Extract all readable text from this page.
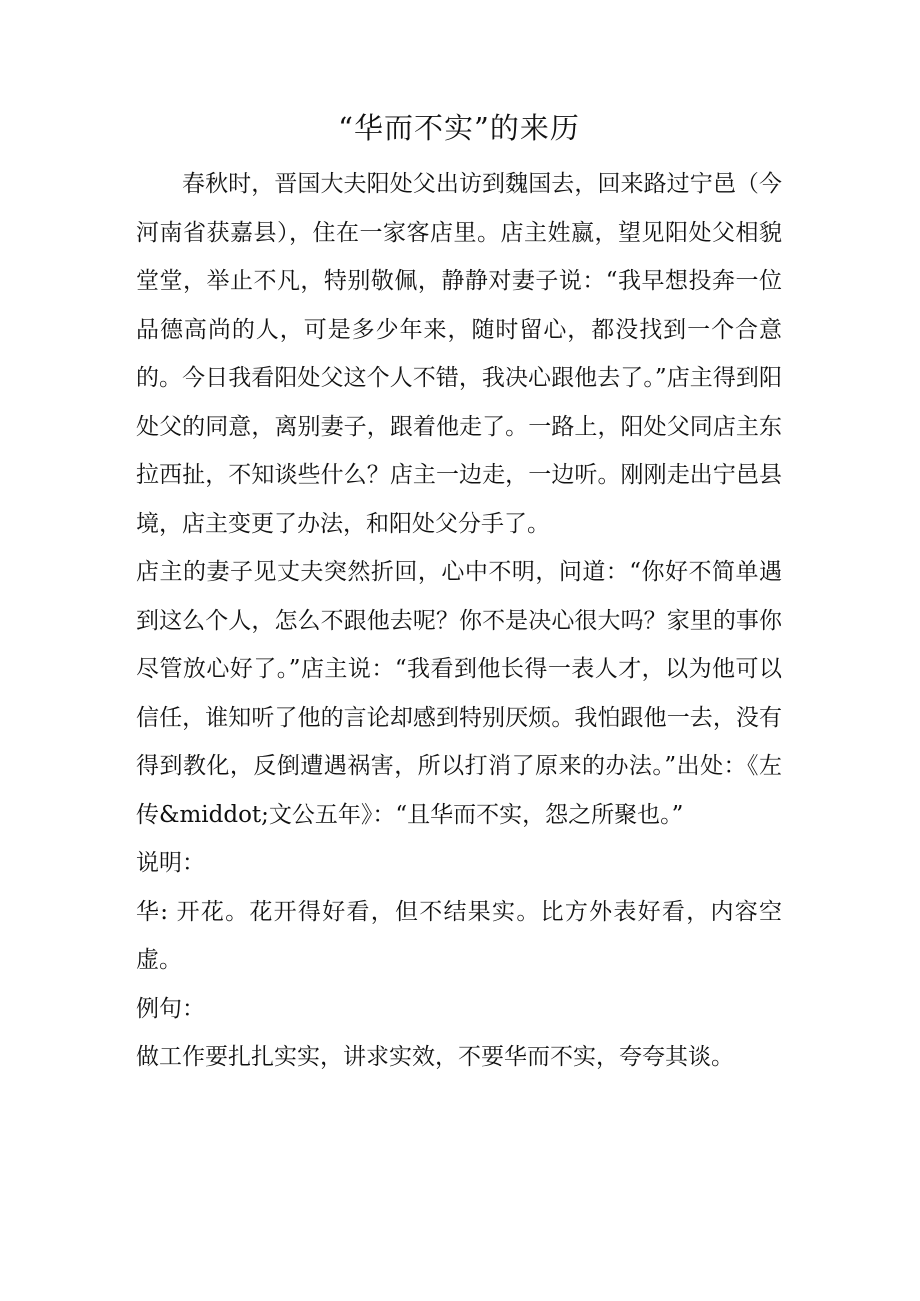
“华而不实”的来历

春秋时，晋国大夫阳处父出访到魏国去，回来路过宁邑（今河南省获嘉县），住在一家客店里。店主姓嬴，望见阳处父相貌堂堂，举止不凡，特别敬佩，静静对妻子说：“我早想投奔一位品德高尚的人，可是多少年来，随时留心，都没找到一个合意的。今日我看阳处父这个人不错，我决心跟他去了。”店主得到阳处父的同意，离别妻子，跟着他走了。一路上，阳处父同店主东拉西扯，不知谈些什么？店主一边走，一边听。刚刚走出宁邑县境，店主变更了办法，和阳处父分手了。

店主的妻子见丈夫突然折回，心中不明，问道：“你好不简单遇到这么个人，怎么不跟他去呢？你不是决心很大吗？家里的事你尽管放心好了。”店主说：“我看到他长得一表人才，以为他可以信任，谁知听了他的言论却感到特别厌烦。我怕跟他一去，没有得到教化，反倒遭遇祸害，所以打消了原来的办法。”出处：《左传&middot;文公五年》：“且华而不实，怨之所聚也。”

说明：

华: 开花。花开得好看，但不结果实。比方外表好看，内容空虚。

例句：

做工作要扎扎实实，讲求实效，不要华而不实，夸夸其谈。
